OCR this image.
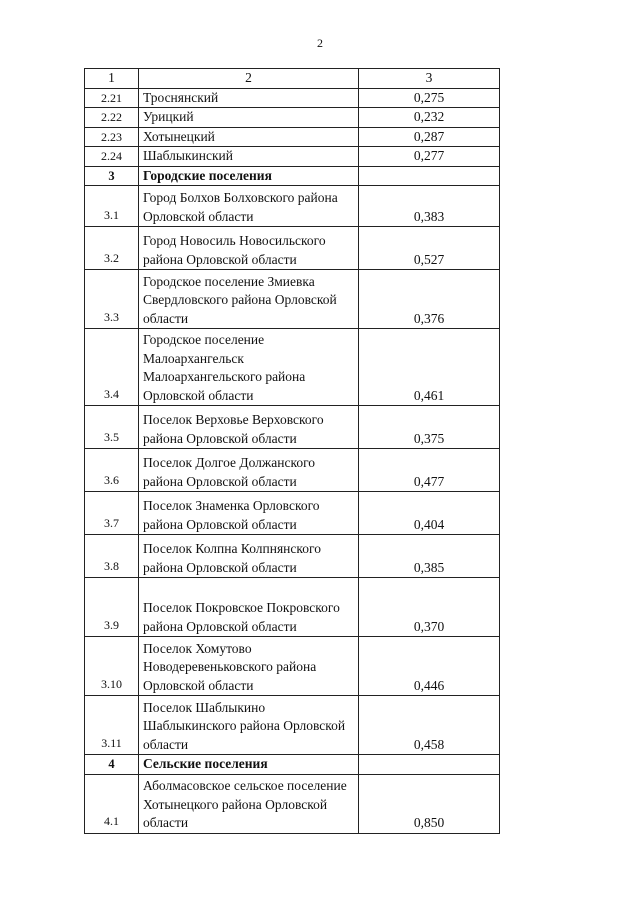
2
1	2	3
2.21	Троснянский	0,275
2.22	Урицкий	0,232
2.23	Хотынецкий	0,287
2.24	Шаблыкинский	0,277
3	Городские поселения	
3.1	Город Болхов Болховского района Орловской области	0,383
3.2	Город Новосиль Новосильского района Орловской области	0,527
3.3	Городское поселение Змиевка Свердловского района Орловской области	0,376
3.4	Городское поселение Малоархангельск Малоархангельского района Орловской области	0,461
3.5	Поселок Верховье Верховского района Орловской области	0,375
3.6	Поселок Долгое Должанского района Орловской области	0,477
3.7	Поселок Знаменка Орловского района Орловской области	0,404
3.8	Поселок Колпна Колпнянского района Орловской области	0,385
3.9	Поселок Покровское Покровского района Орловской области	0,370
3.10	Поселок Хомутово Новодеревеньковского района Орловской области	0,446
3.11	Поселок Шаблыкино Шаблыкинского района Орловской области	0,458
4	Сельские поселения	
4.1	Аболмасовское сельское поселение Хотынецкого района Орловской области	0,850
